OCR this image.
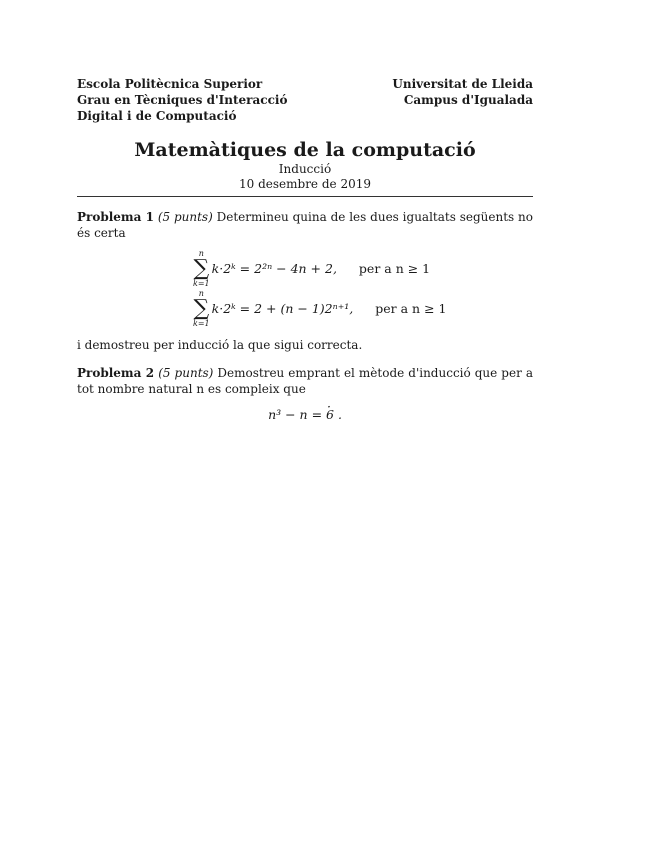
Escola Politècnica Superior
Grau en Tècniques d'Interacció
Digital i de Computació
Universitat de Lleida
Campus d'Igualada
Matemàtiques de la computació
Inducció
10 desembre de 2019
Problema 1 (5 punts) Determineu quina de les dues igualtats següents no és certa
n
∑
k=1
k·2ᵏ = 2²ⁿ − 4n + 2, per a n ≥ 1
n
∑
k=1
k·2ᵏ = 2 + (n − 1)2ⁿ⁺¹, per a n ≥ 1
i demostreu per inducció la que sigui correcta.
Problema 2 (5 punts) Demostreu emprant el mètode d'inducció que per a tot nombre natural n es compleix que
n³ − n = · 6 .
